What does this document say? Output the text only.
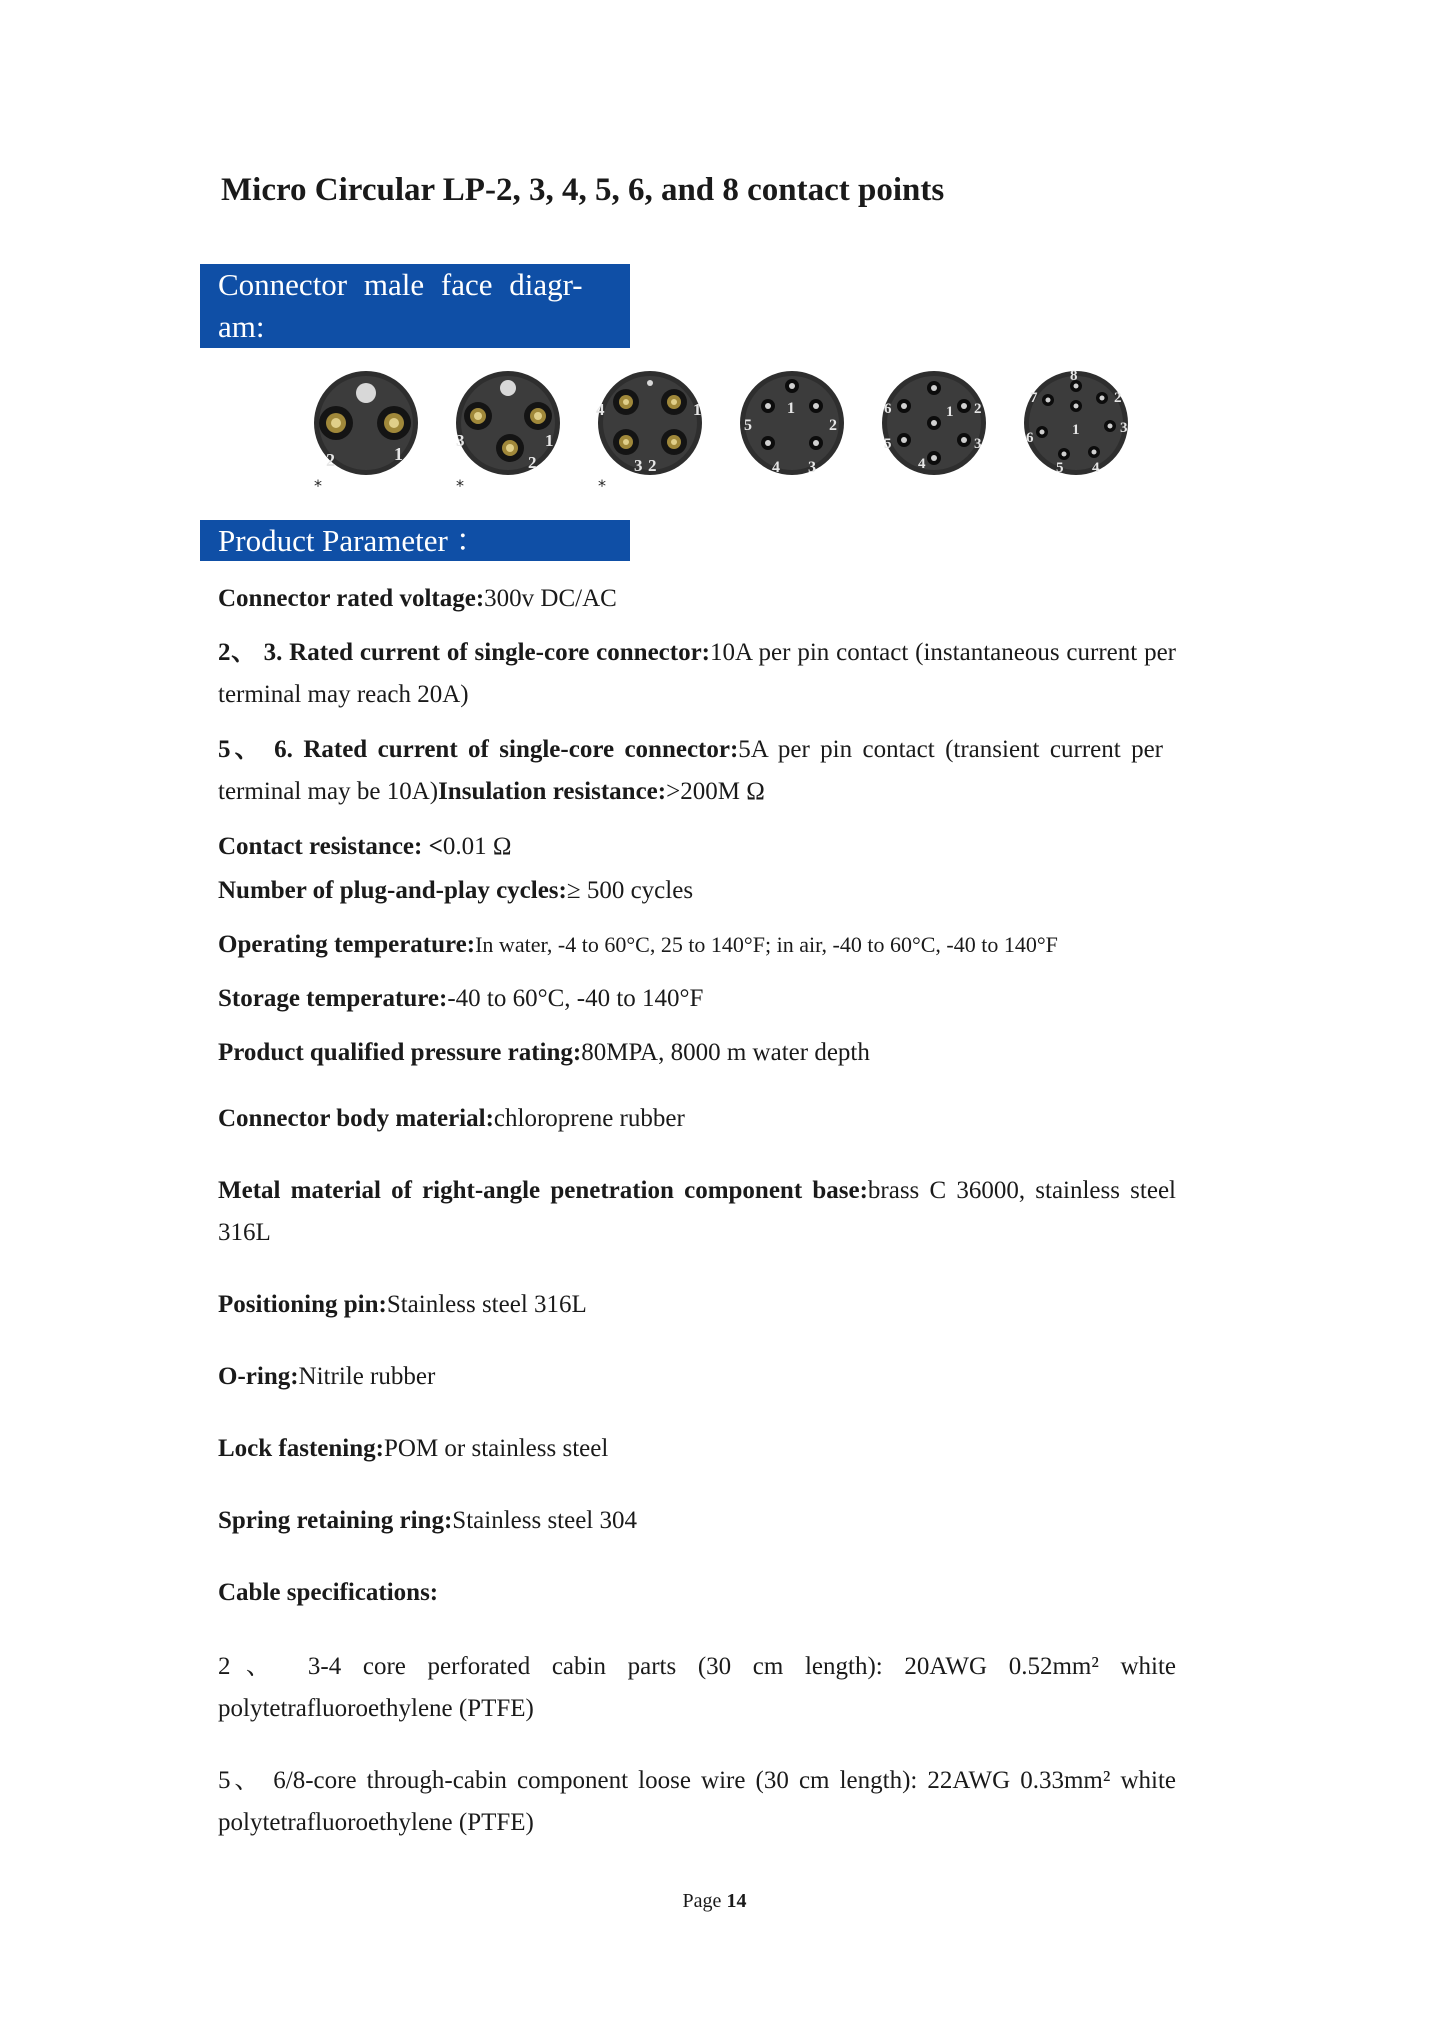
Micro Circular LP-2, 3, 4, 5, 6, and 8 contact points
Connector male face diagr-am:
2	1
*
3
2
1
*
4	1
3 2
*
1
2
3
4
5
1 2
3
4
5
6
1
2
3
4
5
6
7
8
Product Parameter ：

Connector rated voltage:300v DC/AC

2、 3. Rated current of single-core connector:10A per pin contact (instantaneous current per terminal may reach 20A)

5、 6. Rated current of single-core connector:5A per pin contact (transient current per terminal may be 10A)Insulation resistance:>200M Ω

Contact resistance: <0.01 Ω

Number of plug-and-play cycles:≥ 500 cycles

Operating temperature:In water, -4 to 60°C, 25 to 140°F; in air, -40 to 60°C, -40 to 140°F

Storage temperature:-40 to 60°C, -40 to 140°F

Product qualified pressure rating:80MPA, 8000 m water depth

Connector body material:chloroprene rubber

Metal material of right-angle penetration component base:brass C 36000, stainless steel 316L

Positioning pin:Stainless steel 316L

O-ring:Nitrile rubber

Lock fastening:POM or stainless steel

Spring retaining ring:Stainless steel 304

Cable specifications:

2、 3-4 core perforated cabin parts (30 cm length): 20AWG 0.52mm² white polytetrafluoroethylene (PTFE)

5、 6/8-core through-cabin component loose wire (30 cm length): 22AWG 0.33mm² white polytetrafluoroethylene (PTFE)

Page 14
